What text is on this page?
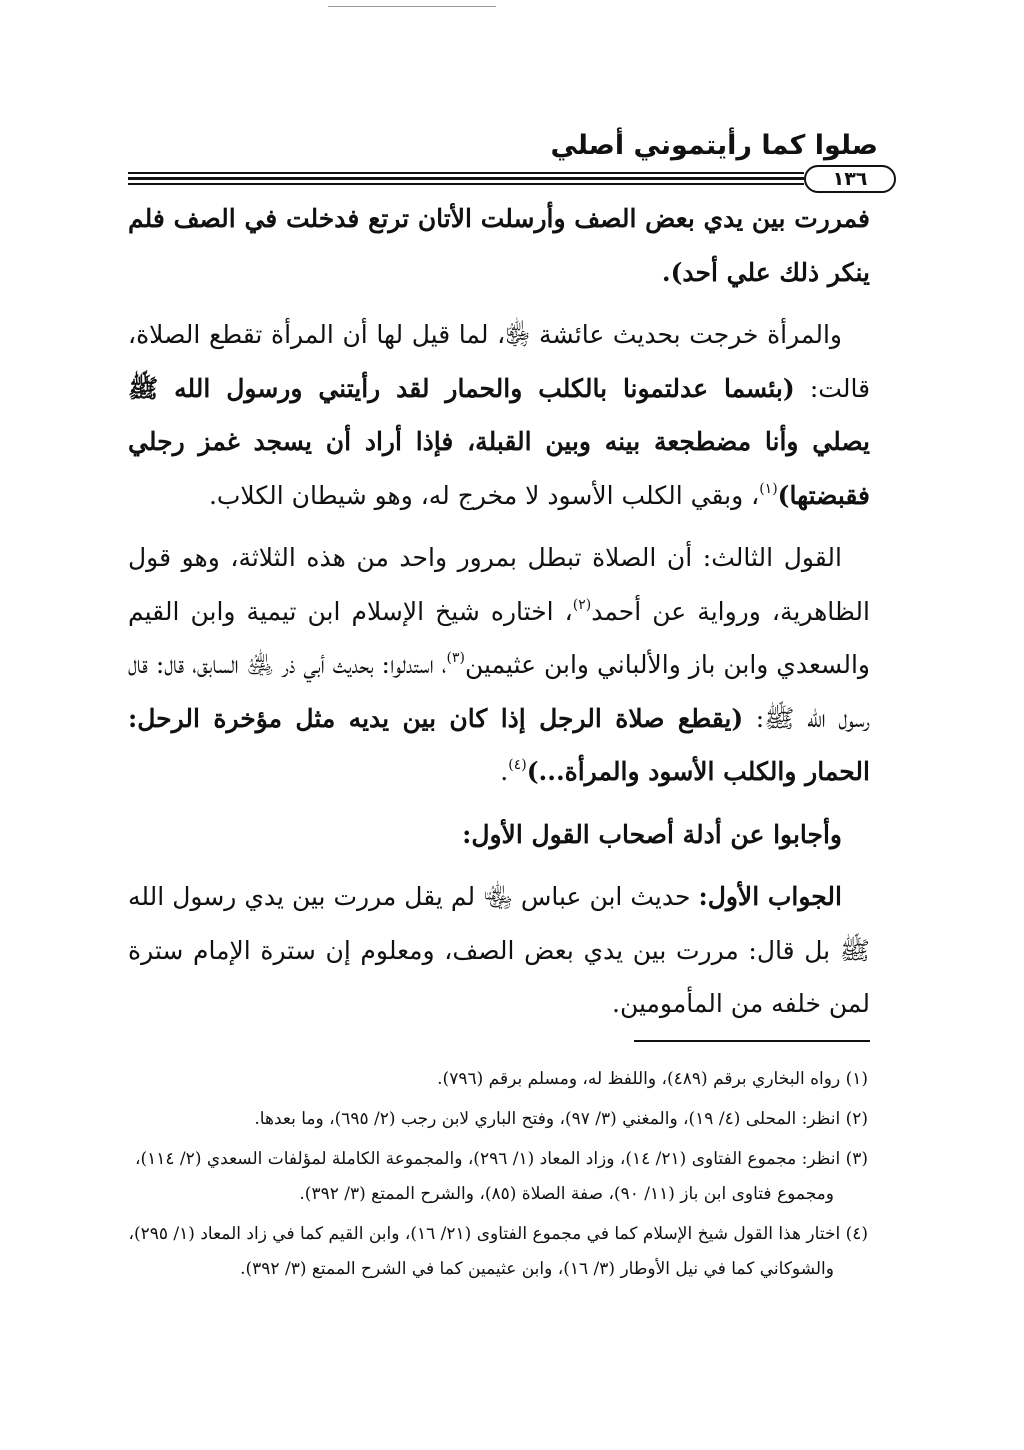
صلوا كما رأيتموني أصلي
١٣٦

فمررت بين يدي بعض الصف وأرسلت الأتان ترتع فدخلت في الصف فلم ينكر ذلك علي أحد).

والمرأة خرجت بحديث عائشة ﵂، لما قيل لها أن المرأة تقطع الصلاة، قالت: (بئسما عدلتمونا بالكلب والحمار لقد رأيتني ورسول الله ﷺ يصلي وأنا مضطجعة بينه وبين القبلة، فإذا أراد أن يسجد غمز رجلي فقبضتها)$^{(١)}$، وبقي الكلب الأسود لا مخرج له، وهو شيطان الكلاب.

القول الثالث: أن الصلاة تبطل بمرور واحد من هذه الثلاثة، وهو قول الظاهرية، ورواية عن أحمد$^{(٢)}$، اختاره شيخ الإسلام ابن تيمية وابن القيم والسعدي وابن باز والألباني وابن عثيمين$^{(٣)}$، استدلوا: بحديث أبي ذر ﵁ السابق، قال: قال رسول الله ﷺ: (يقطع صلاة الرجل إذا كان بين يديه مثل مؤخرة الرحل: الحمار والكلب الأسود والمرأة...)$^{(٤)}$.

وأجابوا عن أدلة أصحاب القول الأول:

الجواب الأول: حديث ابن عباس ﵄ لم يقل مررت بين يدي رسول الله ﷺ بل قال: مررت بين يدي بعض الصف، ومعلوم إن سترة الإمام سترة لمن خلفه من المأمومين.

(١) رواه البخاري برقم (٤٨٩)، واللفظ له، ومسلم برقم (٧٩٦).

(٢) انظر: المحلى (٤/ ١٩)، والمغني (٣/ ٩٧)، وفتح الباري لابن رجب (٢/ ٦٩٥)، وما بعدها.

(٣) انظر: مجموع الفتاوى (٢١/ ١٤)، وزاد المعاد (١/ ٢٩٦)، والمجموعة الكاملة لمؤلفات السعدي (٢/ ١١٤)،
ومجموع فتاوى ابن باز (١١/ ٩٠)، صفة الصلاة (٨٥)، والشرح الممتع (٣/ ٣٩٢).

(٤) اختار هذا القول شيخ الإسلام كما في مجموع الفتاوى (٢١/ ١٦)، وابن القيم كما في زاد المعاد (١/ ٢٩٥)،
والشوكاني كما في نيل الأوطار (٣/ ١٦)، وابن عثيمين كما في الشرح الممتع (٣/ ٣٩٢).
